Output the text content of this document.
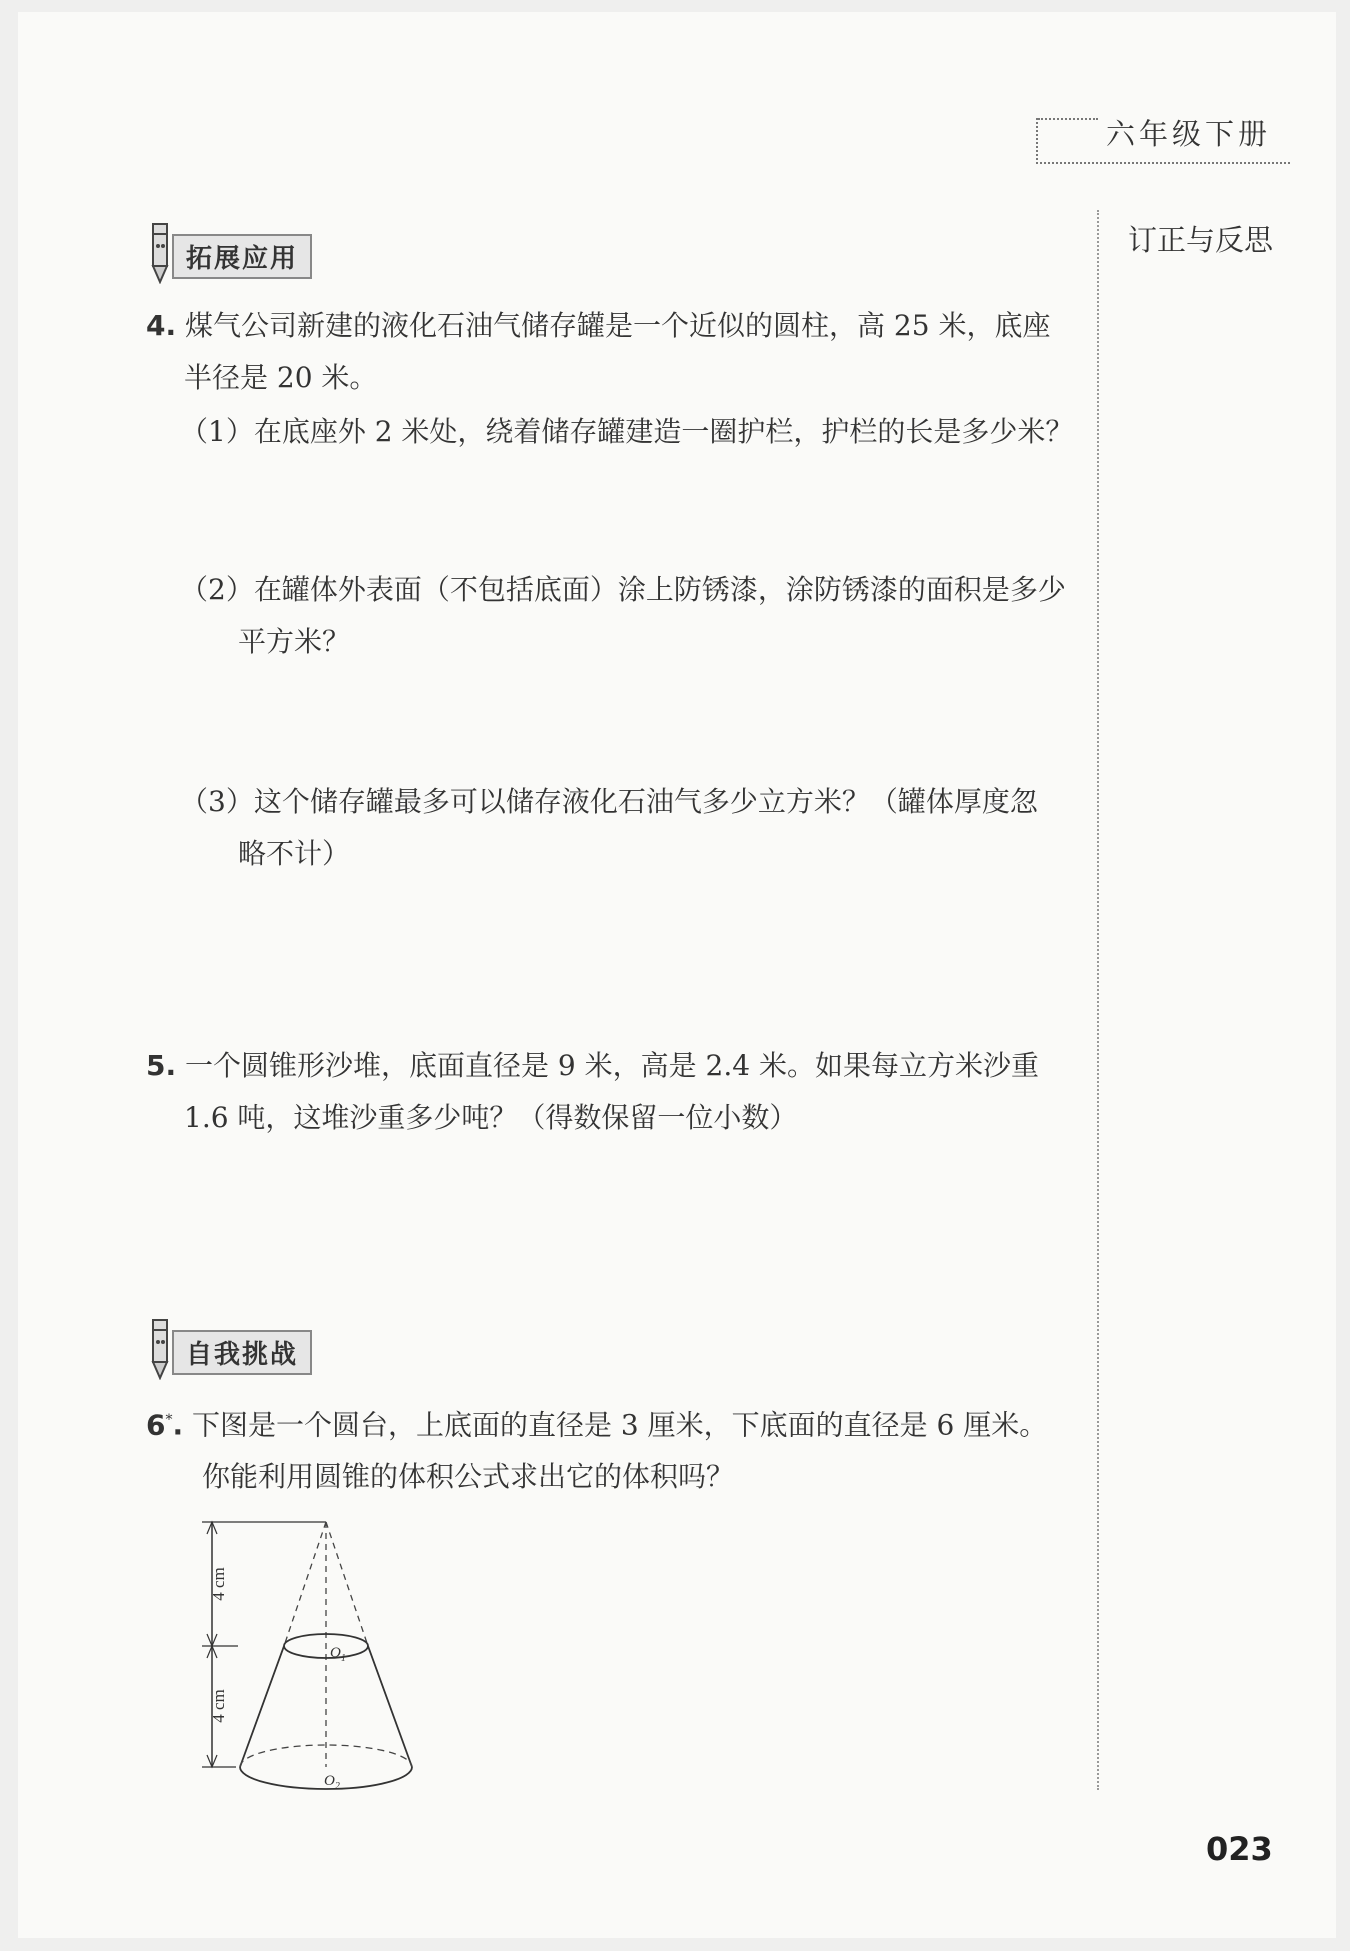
六年级下册
订正与反思
拓展应用
4. 煤气公司新建的液化石油气储存罐是一个近似的圆柱，高 25 米，底座
半径是 20 米。
（1）在底座外 2 米处，绕着储存罐建造一圈护栏，护栏的长是多少米？
（2）在罐体外表面（不包括底面）涂上防锈漆，涂防锈漆的面积是多少
平方米？
（3）这个储存罐最多可以储存液化石油气多少立方米？（罐体厚度忽
略不计）
5. 一个圆锥形沙堆，底面直径是 9 米，高是 2.4 米。如果每立方米沙重
1.6 吨，这堆沙重多少吨？（得数保留一位小数）
自我挑战
6*. 下图是一个圆台，上底面的直径是 3 厘米，下底面的直径是 6 厘米。
你能利用圆锥的体积公式求出它的体积吗？
4 cm
4 cm
$O_1$
$O_2$
023
